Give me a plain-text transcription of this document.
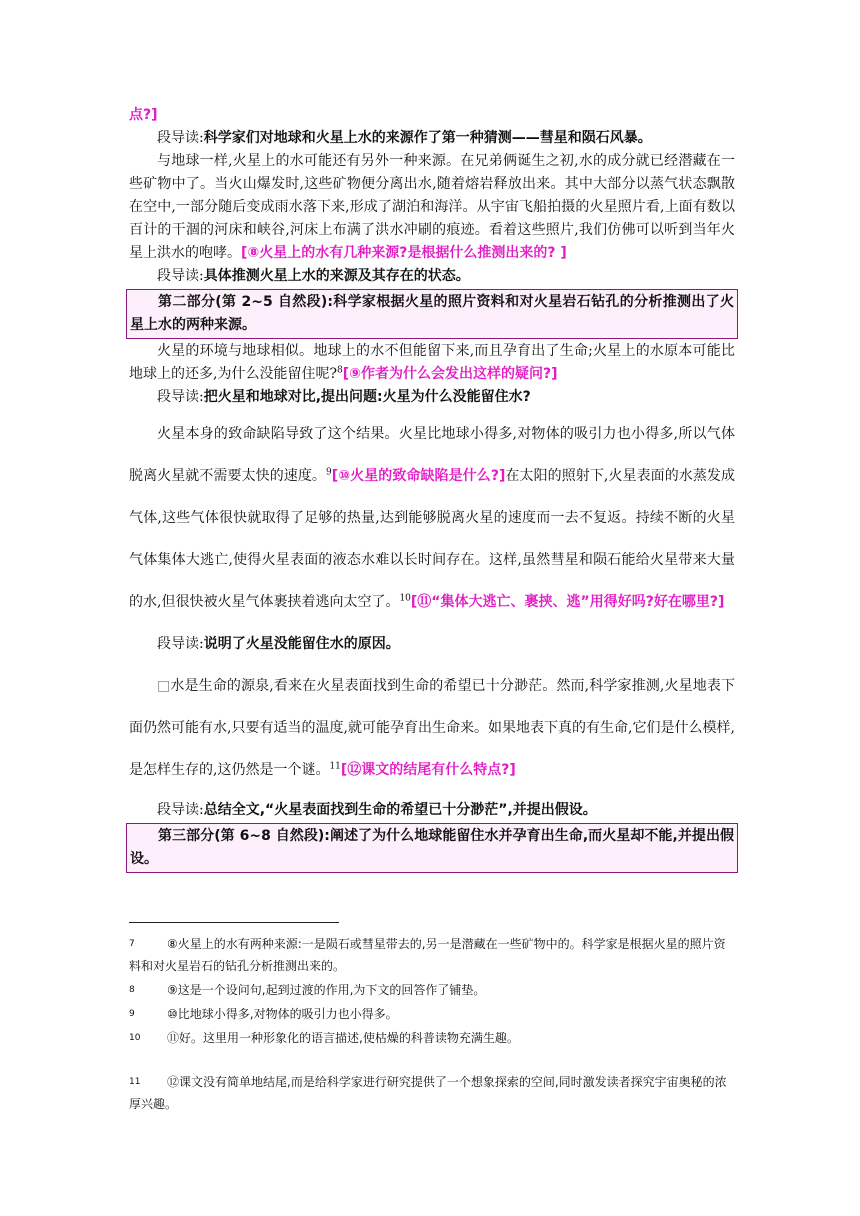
点?]

段导读:科学家们对地球和火星上水的来源作了第一种猜测——彗星和陨石风暴。

与地球一样,火星上的水可能还有另外一种来源。在兄弟俩诞生之初,水的成分就已经潜藏在一些矿物中了。当火山爆发时,这些矿物便分离出水,随着熔岩释放出来。其中大部分以蒸气状态飘散在空中,一部分随后变成雨水落下来,形成了湖泊和海洋。从宇宙飞船拍摄的火星照片看,上面有数以百计的干涸的河床和峡谷,河床上布满了洪水冲刷的痕迹。看着这些照片,我们仿佛可以听到当年火星上洪水的咆哮。[⑧火星上的水有几种来源?是根据什么推测出来的? ]

段导读:具体推测火星上水的来源及其存在的状态。

第二部分(第 2~5 自然段):科学家根据火星的照片资料和对火星岩石钻孔的分析推测出了火星上水的两种来源。

火星的环境与地球相似。地球上的水不但能留下来,而且孕育出了生命;火星上的水原本可能比地球上的还多,为什么没能留住呢?$^8$[⑨作者为什么会发出这样的疑问?]

段导读:把火星和地球对比,提出问题:火星为什么没能留住水?

火星本身的致命缺陷导致了这个结果。火星比地球小得多,对物体的吸引力也小得多,所以气体脱离火星就不需要太快的速度。$^9$[⑩火星的致命缺陷是什么?]在太阳的照射下,火星表面的水蒸发成气体,这些气体很快就取得了足够的热量,达到能够脱离火星的速度而一去不复返。持续不断的火星气体集体大逃亡,使得火星表面的液态水难以长时间存在。这样,虽然彗星和陨石能给火星带来大量的水,但很快被火星气体裹挟着逃向太空了。$^{10}$[⑪“集体大逃亡、裹挟、逃”用得好吗?好在哪里?]

段导读:说明了火星没能留住水的原因。

□水是生命的源泉,看来在火星表面找到生命的希望已十分渺茫。然而,科学家推测,火星地表下面仍然可能有水,只要有适当的温度,就可能孕育出生命来。如果地表下真的有生命,它们是什么模样,是怎样生存的,这仍然是一个谜。$^{11}$[⑫课文的结尾有什么特点?]

段导读:总结全文,“火星表面找到生命的希望已十分渺茫”,并提出假设。

第三部分(第 6~8 自然段):阐述了为什么地球能留住水并孕育出生命,而火星却不能,并提出假设。

7	⑧火星上的水有两种来源:一是陨石或彗星带去的,另一是潜藏在一些矿物中的。科学家是根据火星的照片资料和对火星岩石的钻孔分析推测出来的。
8	⑨这是一个设问句,起到过渡的作用,为下文的回答作了铺垫。
9	⑩比地球小得多,对物体的吸引力也小得多。
10	⑪好。这里用一种形象化的语言描述,使枯燥的科普读物充满生趣。
11	⑫课文没有简单地结尾,而是给科学家进行研究提供了一个想象探索的空间,同时激发读者探究宇宙奥秘的浓厚兴趣。
